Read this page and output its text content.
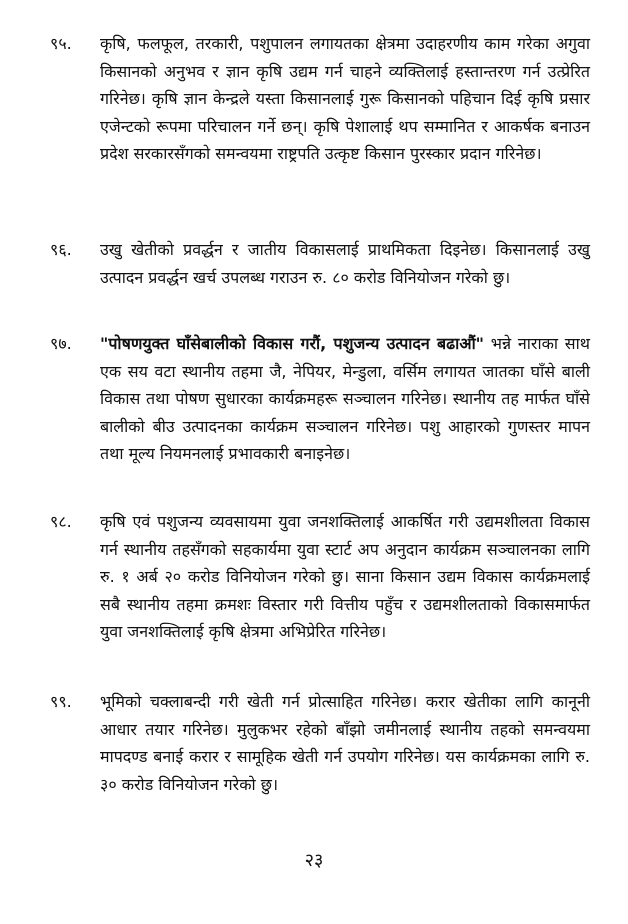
९५.	कृषि, फलफूल, तरकारी, पशुपालन लगायतका क्षेत्रमा उदाहरणीय काम गरेका अगुवा किसानको अनुभव र ज्ञान कृषि उद्यम गर्न चाहने व्यक्तिलाई हस्तान्तरण गर्न उत्प्रेरित गरिनेछ। कृषि ज्ञान केन्द्रले यस्ता किसानलाई गुरू किसानको पहिचान दिई कृषि प्रसार एजेन्टको रूपमा परिचालन गर्ने छन्। कृषि पेशालाई थप सम्मानित र आकर्षक बनाउन प्रदेश सरकारसँगको समन्वयमा राष्ट्रपति उत्कृष्ट किसान पुरस्कार प्रदान गरिनेछ।
९६.	उखु खेतीको प्रवर्द्धन र जातीय विकासलाई प्राथमिकता दिइनेछ। किसानलाई उखु उत्पादन प्रवर्द्धन खर्च उपलब्ध गराउन रु. ८० करोड विनियोजन गरेको छु।
९७.	"पोषणयुक्त घाँसेबालीको विकास गरौं, पशुजन्य उत्पादन बढाऔं" भन्ने नाराका साथ एक सय वटा स्थानीय तहमा जै, नेपियर, मेन्डुला, वर्सिम लगायत जातका घाँसे बाली विकास तथा पोषण सुधारका कार्यक्रमहरू सञ्चालन गरिनेछ। स्थानीय तह मार्फत घाँसे बालीको बीउ उत्पादनका कार्यक्रम सञ्चालन गरिनेछ। पशु आहारको गुणस्तर मापन तथा मूल्य नियमनलाई प्रभावकारी बनाइनेछ।
९८.	कृषि एवं पशुजन्य व्यवसायमा युवा जनशक्तिलाई आकर्षित गरी उद्यमशीलता विकास गर्न स्थानीय तहसँगको सहकार्यमा युवा स्टार्ट अप अनुदान कार्यक्रम सञ्चालनका लागि रु. १ अर्ब २० करोड विनियोजन गरेको छु। साना किसान उद्यम विकास कार्यक्रमलाई सबै स्थानीय तहमा क्रमशः विस्तार गरी वित्तीय पहुँच र उद्यमशीलताको विकासमार्फत युवा जनशक्तिलाई कृषि क्षेत्रमा अभिप्रेरित गरिनेछ।
९९.	भूमिको चक्लाबन्दी गरी खेती गर्न प्रोत्साहित गरिनेछ। करार खेतीका लागि कानूनी आधार तयार गरिनेछ। मुलुकभर रहेको बाँझो जमीनलाई स्थानीय तहको समन्वयमा मापदण्ड बनाई करार र सामूहिक खेती गर्न उपयोग गरिनेछ। यस कार्यक्रमका लागि रु. ३० करोड विनियोजन गरेको छु।
२३
